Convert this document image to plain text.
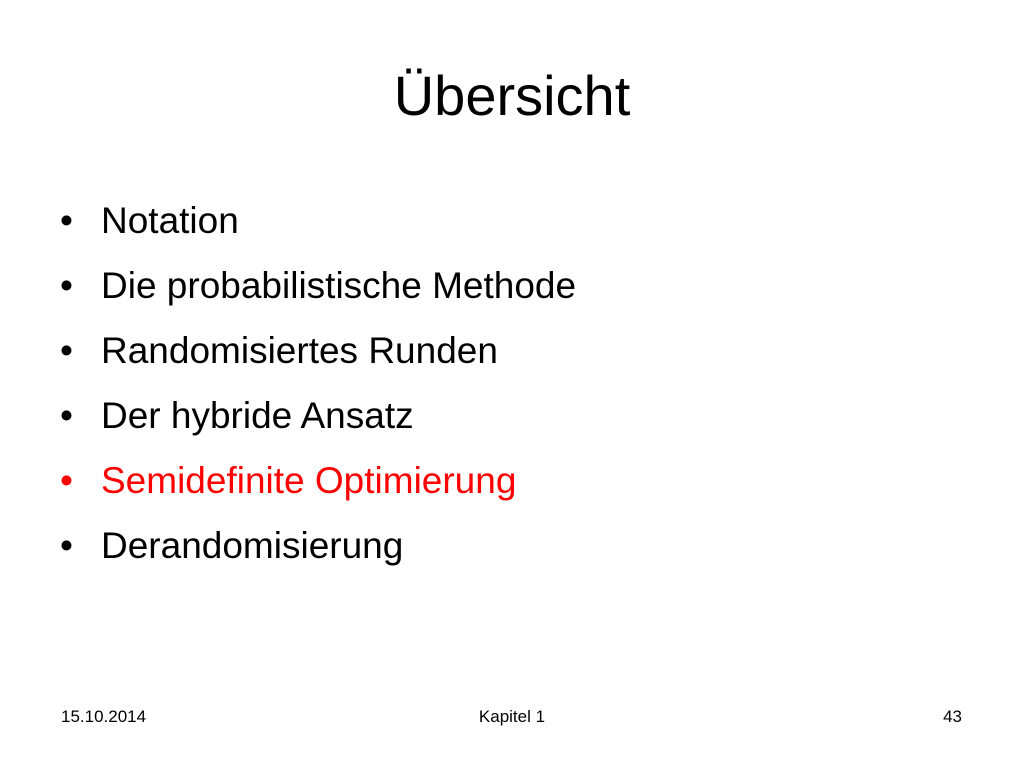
Übersicht
• Notation
• Die probabilistische Methode
• Randomisiertes Runden
• Der hybride Ansatz
• Semidefinite Optimierung
• Derandomisierung
15.10.2014	Kapitel 1	43
